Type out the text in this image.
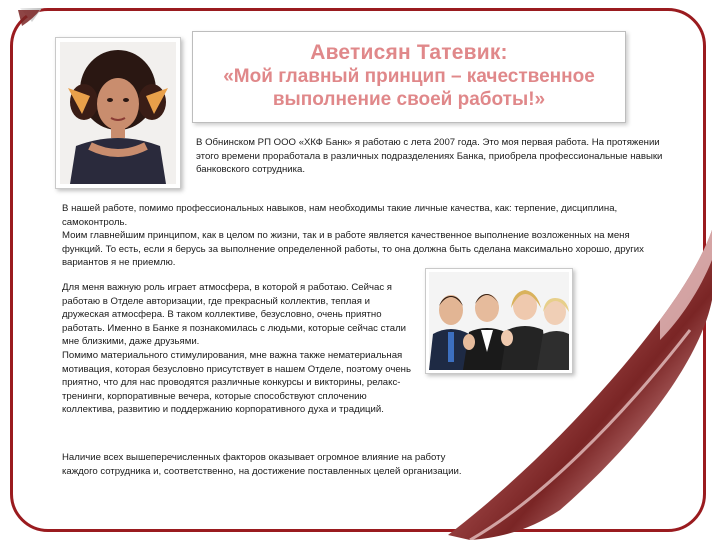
Аветисян Татевик:
«Мой главный принцип – качественное
выполнение своей работы!»

В Обнинском РП ООО «ХКФ Банк» я работаю с лета 2007 года. Это моя первая работа. На протяжении этого времени проработала в различных подразделениях Банка, приобрела профессиональные навыки банковского сотрудника.

В нашей работе, помимо профессиональных навыков, нам необходимы такие личные качества, как: терпение, дисциплина, самоконтроль.
Моим главнейшим принципом, как в целом по жизни, так и в работе является качественное выполнение возложенных на меня функций. То есть, если я берусь за выполнение определенной работы, то она должна быть сделана максимально хорошо, других вариантов я не приемлю.

Для меня важную роль играет атмосфера, в которой я работаю. Сейчас я работаю в Отделе авторизации, где прекрасный коллектив, теплая и дружеская атмосфера. В таком коллективе, безусловно, очень приятно работать. Именно в Банке я познакомилась с людьми, которые сейчас стали мне близкими, даже друзьями.
Помимо материального стимулирования, мне важна также нематериальная мотивация, которая безусловно присутствует в нашем Отделе, поэтому очень приятно, что для нас проводятся различные конкурсы и викторины, релакс-тренинги, корпоративные вечера, которые способствуют сплочению коллектива, развитию и поддержанию корпоративного духа и традиций.

Наличие всех вышеперечисленных факторов оказывает огромное влияние на работу каждого сотрудника и, соответственно, на достижение поставленных целей организации.
